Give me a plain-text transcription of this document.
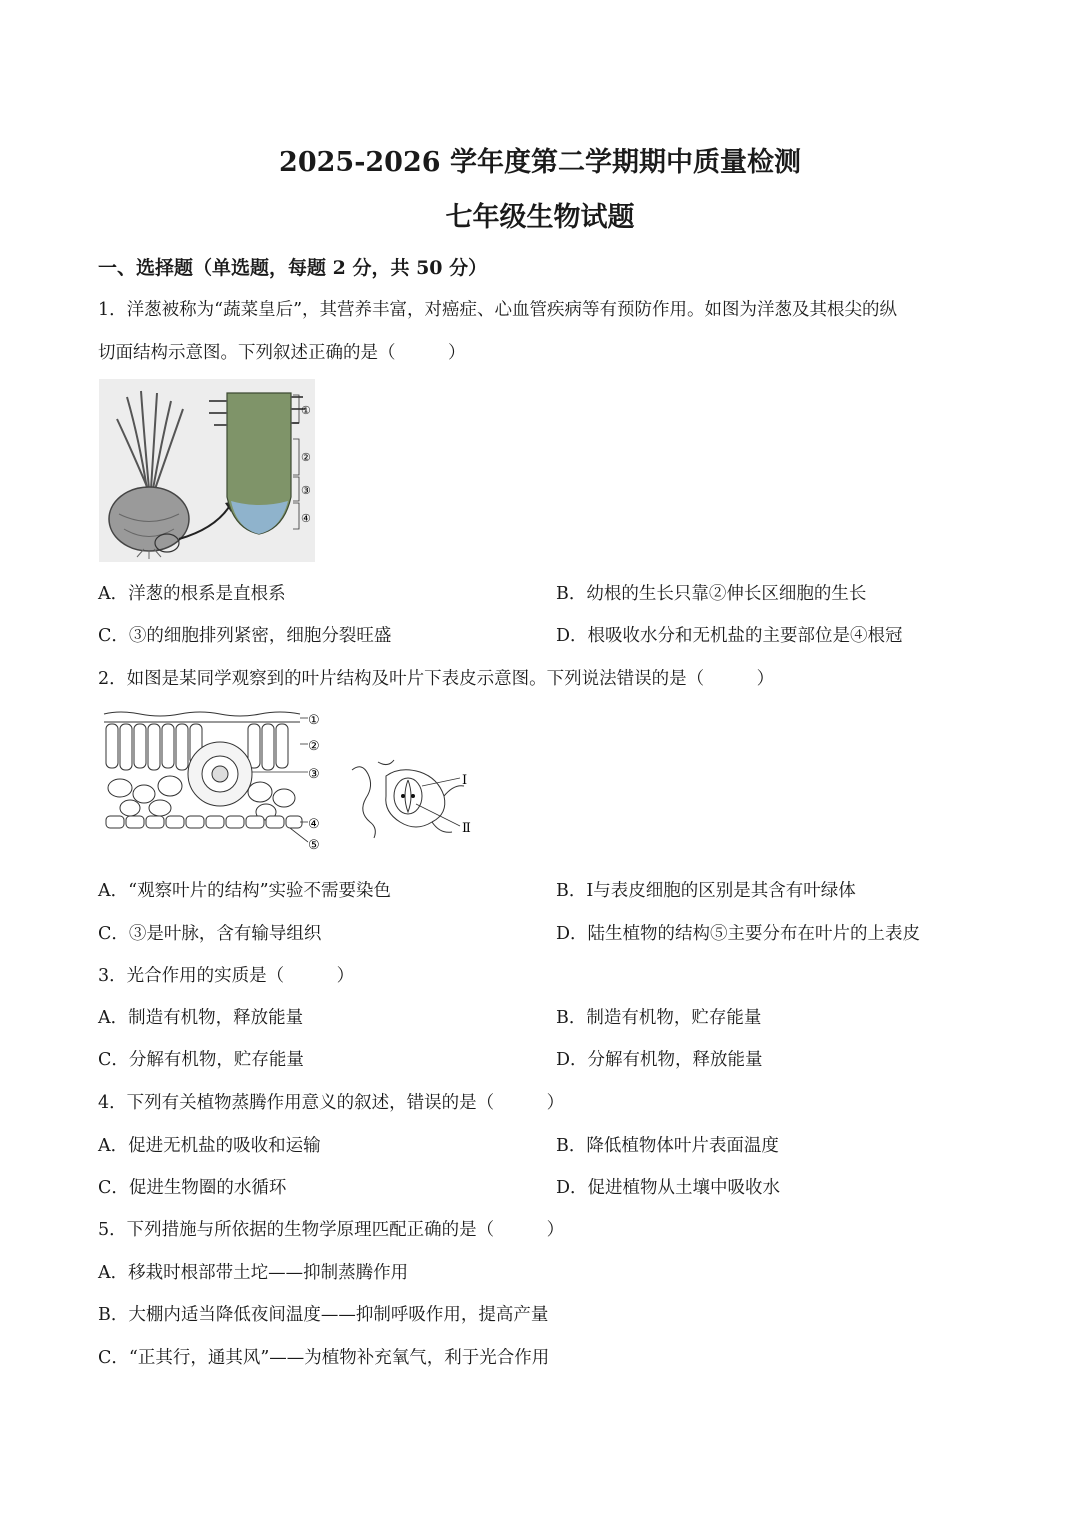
2025-2026 学年度第二学期期中质量检测
七年级生物试题
一、选择题（单选题，每题 2 分，共 50 分）
1．洋葱被称为“蔬菜皇后”，其营养丰富，对癌症、心血管疾病等有预防作用。如图为洋葱及其根尖的纵
切面结构示意图。下列叙述正确的是（　　　）
①
②
③
④
A．洋葱的根系是直根系	B．幼根的生长只靠②伸长区细胞的生长
C．③的细胞排列紧密，细胞分裂旺盛	D．根吸收水分和无机盐的主要部位是④根冠
2．如图是某同学观察到的叶片结构及叶片下表皮示意图。下列说法错误的是（　　　）
①
②
③
④
⑤
Ⅰ
Ⅱ
A．“观察叶片的结构”实验不需要染色	B．Ⅰ与表皮细胞的区别是其含有叶绿体
C．③是叶脉，含有输导组织	D．陆生植物的结构⑤主要分布在叶片的上表皮
3．光合作用的实质是（　　　）
A．制造有机物，释放能量	B．制造有机物，贮存能量
C．分解有机物，贮存能量	D．分解有机物，释放能量
4．下列有关植物蒸腾作用意义的叙述，错误的是（　　　）
A．促进无机盐的吸收和运输	B．降低植物体叶片表面温度
C．促进生物圈的水循环	D．促进植物从土壤中吸收水
5．下列措施与所依据的生物学原理匹配正确的是（　　　）
A．移栽时根部带土坨——抑制蒸腾作用
B．大棚内适当降低夜间温度——抑制呼吸作用，提高产量
C．“正其行，通其风”——为植物补充氧气，利于光合作用
